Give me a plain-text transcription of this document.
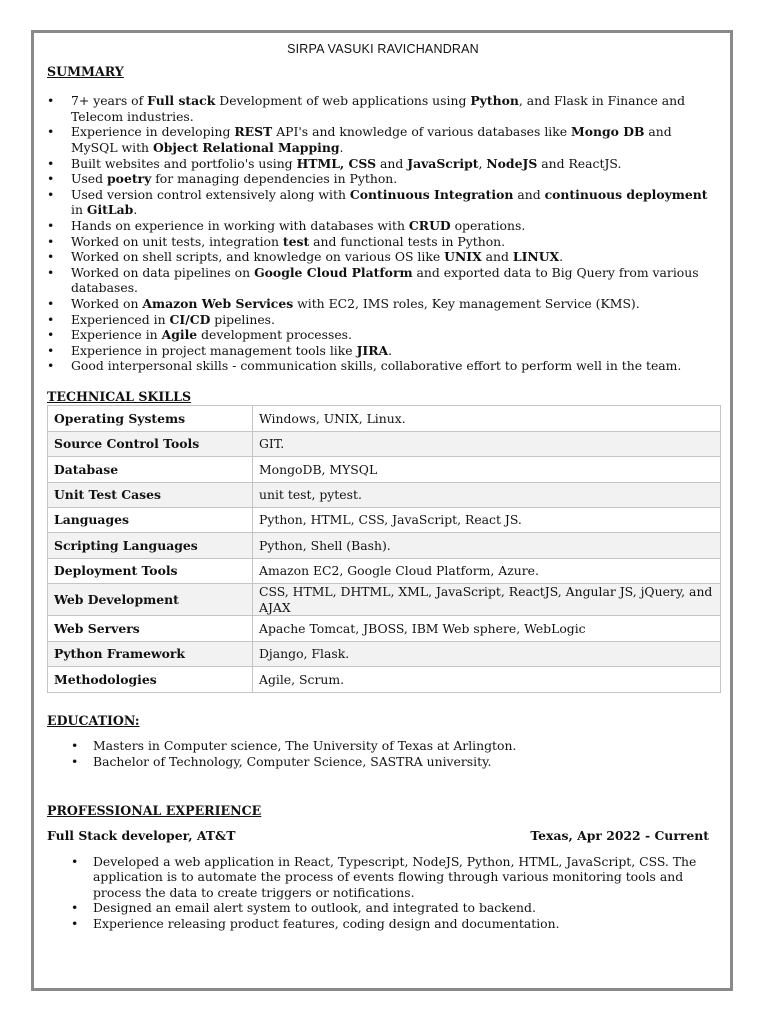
SIRPA VASUKI RAVICHANDRAN
SUMMARY
• 7+ years of Full stack Development of web applications using Python, and Flask in Finance and Telecom industries.
• Experience in developing REST API's and knowledge of various databases like Mongo DB and MySQL with Object Relational Mapping.
• Built websites and portfolio's using HTML, CSS and JavaScript, NodeJS and ReactJS.
• Used poetry for managing dependencies in Python.
• Used version control extensively along with Continuous Integration and continuous deployment in GitLab.
• Hands on experience in working with databases with CRUD operations.
• Worked on unit tests, integration test and functional tests in Python.
• Worked on shell scripts, and knowledge on various OS like UNIX and LINUX.
• Worked on data pipelines on Google Cloud Platform and exported data to Big Query from various databases.
• Worked on Amazon Web Services with EC2, IMS roles, Key management Service (KMS).
• Experienced in CI/CD pipelines.
• Experience in Agile development processes.
• Experience in project management tools like JIRA.
• Good interpersonal skills - communication skills, collaborative effort to perform well in the team.
TECHNICAL SKILLS
Operating Systems	Windows, UNIX, Linux.
Source Control Tools	GIT.
Database	MongoDB, MYSQL
Unit Test Cases	unit test, pytest.
Languages	Python, HTML, CSS, JavaScript, React JS.
Scripting Languages	Python, Shell (Bash).
Deployment Tools	Amazon EC2, Google Cloud Platform, Azure.
Web Development	CSS, HTML, DHTML, XML, JavaScript, ReactJS, Angular JS, jQuery, and AJAX
Web Servers	Apache Tomcat, JBOSS, IBM Web sphere, WebLogic
Python Framework	Django, Flask.
Methodologies	Agile, Scrum.
EDUCATION:
• Masters in Computer science, The University of Texas at Arlington.
• Bachelor of Technology, Computer Science, SASTRA university.
PROFESSIONAL EXPERIENCE
Full Stack developer, AT&T	Texas, Apr 2022 - Current
• Developed a web application in React, Typescript, NodeJS, Python, HTML, JavaScript, CSS. The application is to automate the process of events flowing through various monitoring tools and process the data to create triggers or notifications.
• Designed an email alert system to outlook, and integrated to backend.
• Experience releasing product features, coding design and documentation.
